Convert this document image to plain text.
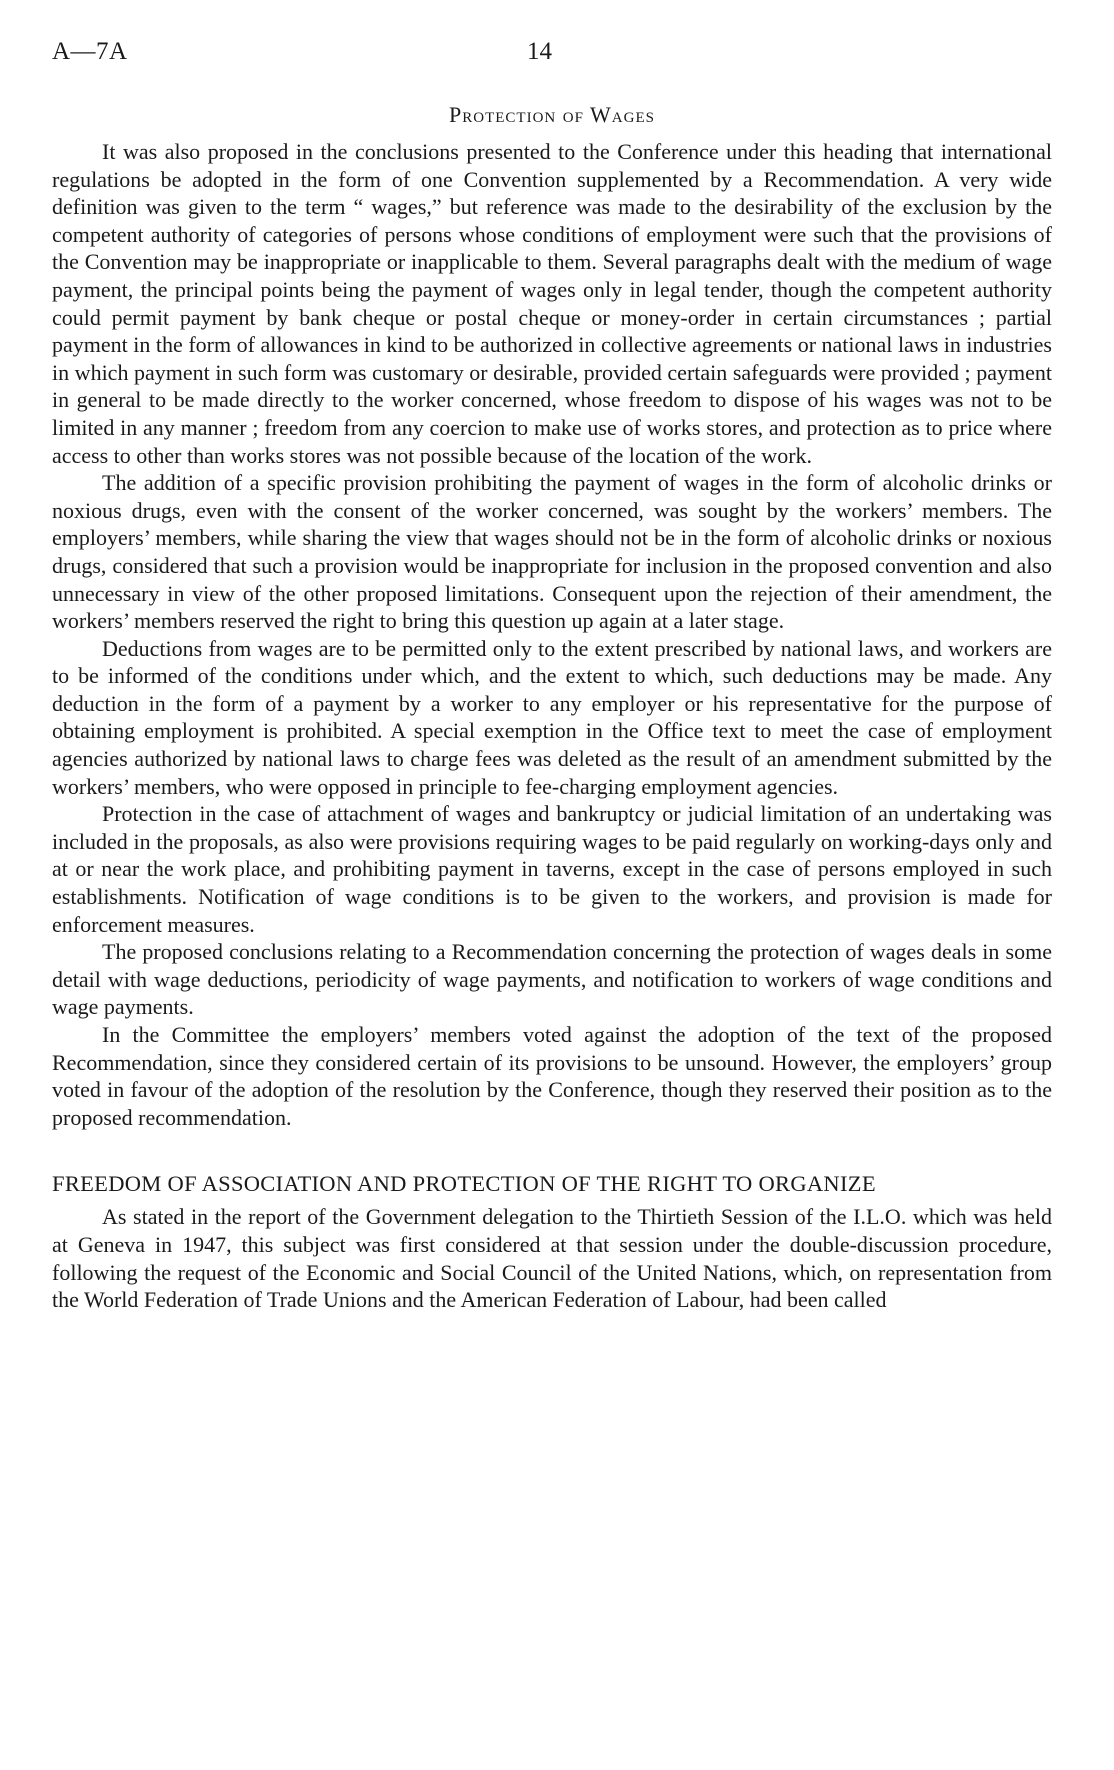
A—7A	14
Protection of Wages

It was also proposed in the conclusions presented to the Conference under this heading that international regulations be adopted in the form of one Convention supplemented by a Recommendation. A very wide definition was given to the term “ wages,” but reference was made to the desirability of the exclusion by the competent authority of categories of persons whose conditions of employment were such that the provisions of the Convention may be inappropriate or inapplicable to them. Several paragraphs dealt with the medium of wage payment, the principal points being the payment of wages only in legal tender, though the competent authority could permit payment by bank cheque or postal cheque or money-order in certain circumstances ; partial payment in the form of allowances in kind to be authorized in collective agreements or national laws in industries in which payment in such form was customary or desirable, provided certain safeguards were provided ; payment in general to be made directly to the worker concerned, whose freedom to dispose of his wages was not to be limited in any manner ; freedom from any coercion to make use of works stores, and protection as to price where access to other than works stores was not possible because of the location of the work.

The addition of a specific provision prohibiting the payment of wages in the form of alcoholic drinks or noxious drugs, even with the consent of the worker concerned, was sought by the workers’ members. The employers’ members, while sharing the view that wages should not be in the form of alcoholic drinks or noxious drugs, considered that such a provision would be inappropriate for inclusion in the proposed convention and also unnecessary in view of the other proposed limitations. Consequent upon the rejection of their amendment, the workers’ members reserved the right to bring this question up again at a later stage.

Deductions from wages are to be permitted only to the extent prescribed by national laws, and workers are to be informed of the conditions under which, and the extent to which, such deductions may be made. Any deduction in the form of a payment by a worker to any employer or his representative for the purpose of obtaining employment is prohibited. A special exemption in the Office text to meet the case of employment agencies authorized by national laws to charge fees was deleted as the result of an amendment submitted by the workers’ members, who were opposed in principle to fee-charging employment agencies.

Protection in the case of attachment of wages and bankruptcy or judicial limitation of an undertaking was included in the proposals, as also were provisions requiring wages to be paid regularly on working-days only and at or near the work place, and prohibiting payment in taverns, except in the case of persons employed in such establishments. Notification of wage conditions is to be given to the workers, and provision is made for enforcement measures.

The proposed conclusions relating to a Recommendation concerning the protection of wages deals in some detail with wage deductions, periodicity of wage payments, and notification to workers of wage conditions and wage payments.

In the Committee the employers’ members voted against the adoption of the text of the proposed Recommendation, since they considered certain of its provisions to be unsound. However, the employers’ group voted in favour of the adoption of the resolution by the Conference, though they reserved their position as to the proposed recommendation.

FREEDOM OF ASSOCIATION AND PROTECTION OF THE RIGHT TO ORGANIZE

As stated in the report of the Government delegation to the Thirtieth Session of the I.L.O. which was held at Geneva in 1947, this subject was first considered at that session under the double-discussion procedure, following the request of the Economic and Social Council of the United Nations, which, on representation from the World Federation of Trade Unions and the American Federation of Labour, had been called
